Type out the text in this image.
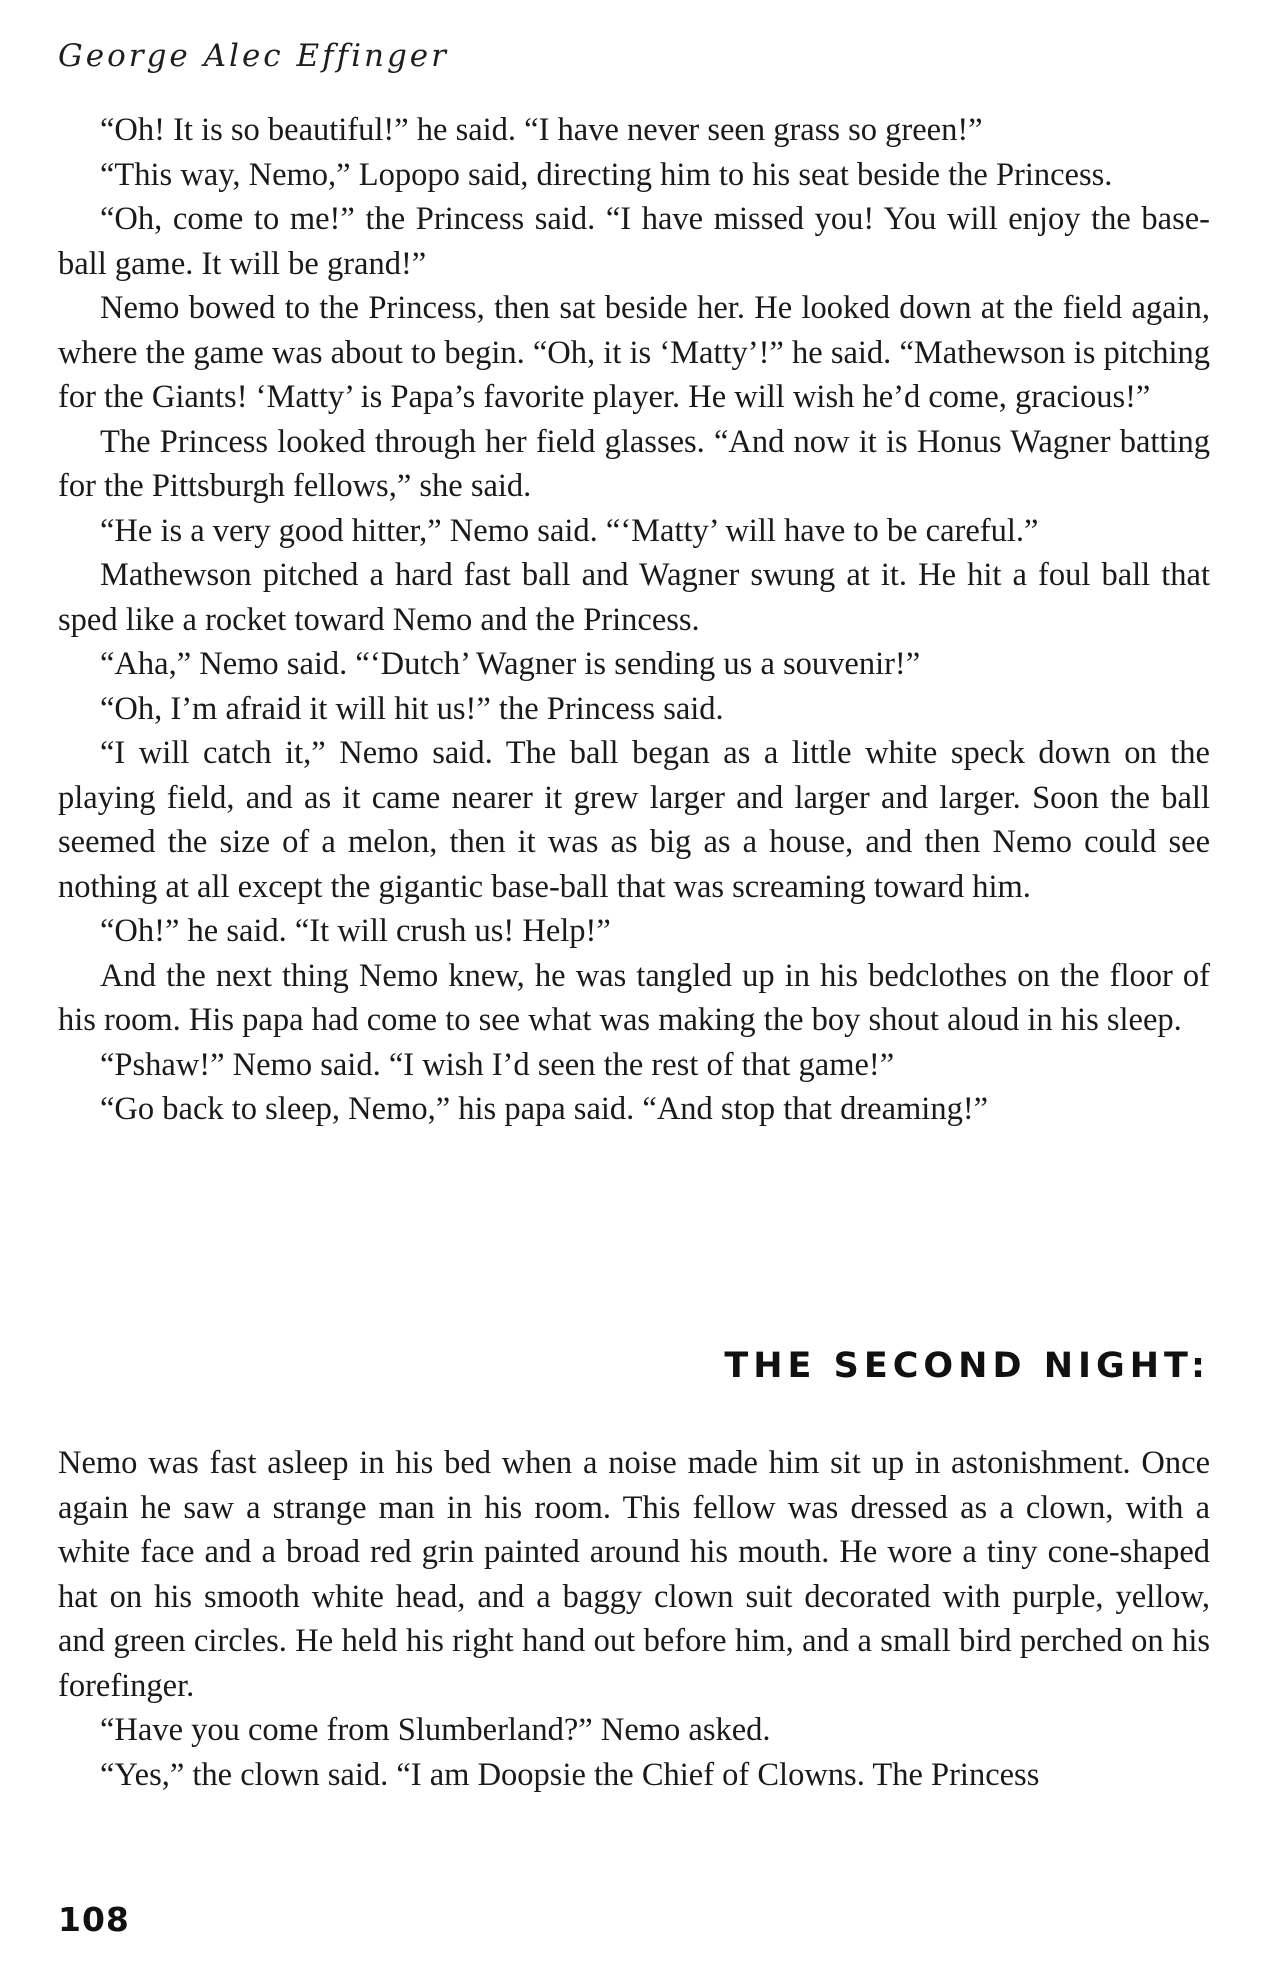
George Alec Effinger

“Oh! It is so beautiful!” he said. “I have never seen grass so green!”

“This way, Nemo,” Lopopo said, directing him to his seat beside the Princess.

“Oh, come to me!” the Princess said. “I have missed you! You will enjoy the base-ball game. It will be grand!”

Nemo bowed to the Princess, then sat beside her. He looked down at the field again, where the game was about to begin. “Oh, it is ‘Matty’!” he said. “Mathewson is pitching for the Giants! ‘Matty’ is Papa’s favorite player. He will wish he’d come, gracious!”

The Princess looked through her field glasses. “And now it is Honus Wagner batting for the Pittsburgh fellows,” she said.

“He is a very good hitter,” Nemo said. “‘Matty’ will have to be careful.”

Mathewson pitched a hard fast ball and Wagner swung at it. He hit a foul ball that sped like a rocket toward Nemo and the Princess.

“Aha,” Nemo said. “‘Dutch’ Wagner is sending us a souvenir!”

“Oh, I’m afraid it will hit us!” the Princess said.

“I will catch it,” Nemo said. The ball began as a little white speck down on the playing field, and as it came nearer it grew larger and larger and larger. Soon the ball seemed the size of a melon, then it was as big as a house, and then Nemo could see nothing at all except the gigantic base-ball that was screaming toward him.

“Oh!” he said. “It will crush us! Help!”

And the next thing Nemo knew, he was tangled up in his bedclothes on the floor of his room. His papa had come to see what was making the boy shout aloud in his sleep.

“Pshaw!” Nemo said. “I wish I’d seen the rest of that game!”

“Go back to sleep, Nemo,” his papa said. “And stop that dreaming!”

THE SECOND NIGHT:

Nemo was fast asleep in his bed when a noise made him sit up in astonishment. Once again he saw a strange man in his room. This fellow was dressed as a clown, with a white face and a broad red grin painted around his mouth. He wore a tiny cone-shaped hat on his smooth white head, and a baggy clown suit decorated with purple, yellow, and green circles. He held his right hand out before him, and a small bird perched on his forefinger.

“Have you come from Slumberland?” Nemo asked.

“Yes,” the clown said. “I am Doopsie the Chief of Clowns. The Princess

108
